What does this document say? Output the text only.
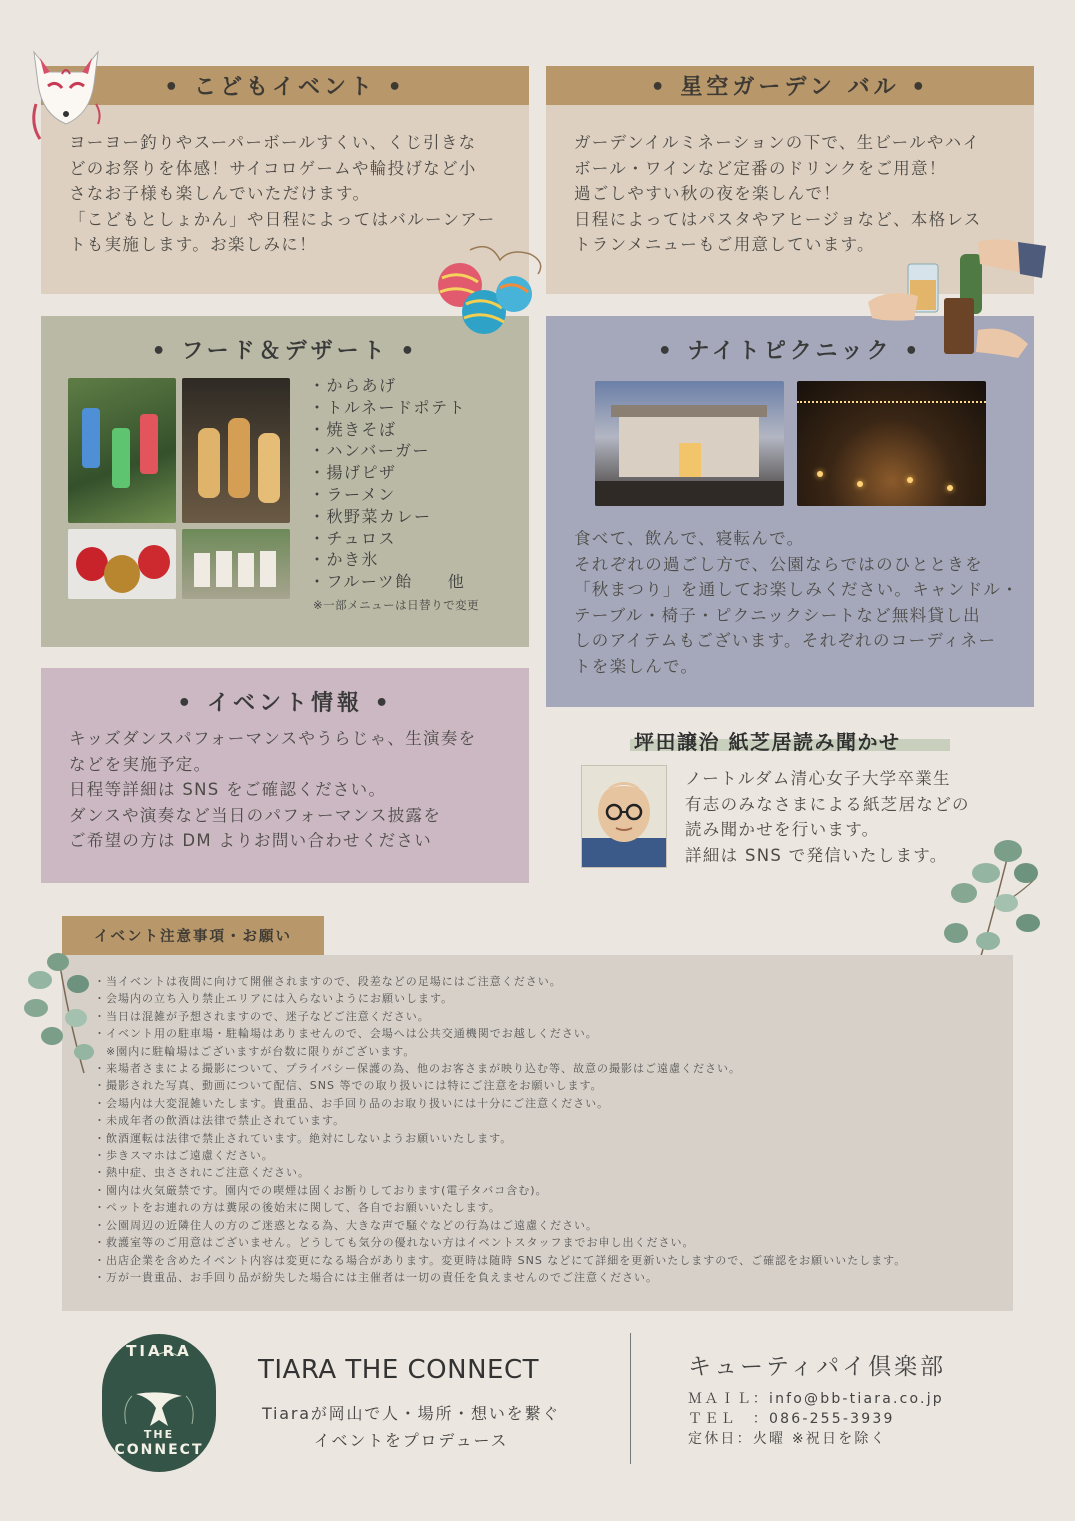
• こどもイベント •
ヨーヨー釣りやスーパーボールすくい、くじ引きな
どのお祭りを体感！サイコロゲームや輪投げなど小
さなお子様も楽しんでいただけます。
「こどもとしょかん」や日程によってはバルーンアー
トも実施します。お楽しみに！
• 星空ガーデン バル •
ガーデンイルミネーションの下で、生ビールやハイ
ボール・ワインなど定番のドリンクをご用意！
過ごしやすい秋の夜を楽しんで！
日程によってはパスタやアヒージョなど、本格レス
トランメニューもご用意しています。
• フード＆デザート •
・からあげ
・トルネードポテト
・焼きそば
・ハンバーガー
・揚げピザ
・ラーメン
・秋野菜カレー
・チュロス
・かき氷
・フルーツ飴　　他
※一部メニューは日替りで変更
• ナイトピクニック •
食べて、飲んで、寝転んで。
それぞれの過ごし方で、公園ならではのひとときを
「秋まつり」を通してお楽しみください。キャンドル・
テーブル・椅子・ピクニックシートなど無料貸し出
しのアイテムもございます。それぞれのコーディネー
トを楽しんで。
• イベント情報 •
キッズダンスパフォーマンスやうらじゃ、生演奏を
などを実施予定。
日程等詳細は SNS をご確認ください。
ダンスや演奏など当日のパフォーマンス披露を
ご希望の方は DM よりお問い合わせください
坪田譲治 紙芝居読み聞かせ
ノートルダム清心女子大学卒業生
有志のみなさまによる紙芝居などの
読み聞かせを行います。
詳細は SNS で発信いたします。
イベント注意事項・お願い
・当イベントは夜間に向けて開催されますので、段差などの足場にはご注意ください。
・会場内の立ち入り禁止エリアには入らないようにお願いします。
・当日は混雑が予想されますので、迷子などご注意ください。
・イベント用の駐車場・駐輪場はありませんので、会場へは公共交通機関でお越しください。
　※園内に駐輪場はございますが台数に限りがございます。
・来場者さまによる撮影について、プライバシー保護の為、他のお客さまが映り込む等、故意の撮影はご遠慮ください。
・撮影された写真、動画について配信、SNS 等での取り扱いには特にご注意をお願いします。
・会場内は大変混雑いたします。貴重品、お手回り品のお取り扱いには十分にご注意ください。
・未成年者の飲酒は法律で禁止されています。
・飲酒運転は法律で禁止されています。絶対にしないようお願いいたします。
・歩きスマホはご遠慮ください。
・熱中症、虫さされにご注意ください。
・園内は火気厳禁です。園内での喫煙は固くお断りしております(電子タバコ含む)。
・ペットをお連れの方は糞尿の後始末に関して、各自でお願いいたします。
・公園周辺の近隣住人の方のご迷惑となる為、大きな声で騒ぐなどの行為はご遠慮ください。
・救護室等のご用意はございません。どうしても気分の優れない方はイベントスタッフまでお申し出ください。
・出店企業を含めたイベント内容は変更になる場合があります。変更時は随時 SNS などにて詳細を更新いたしますので、ご確認をお願いいたします。
・万が一貴重品、お手回り品が紛失した場合には主催者は一切の責任を負えませんのでご注意ください。
TIARA
THE
CONNECT
TIARA THE CONNECT
Tiaraが岡山で人・場所・想いを繋ぐ
イベントをプロデュース
キューティパイ倶楽部
ＭＡＩＬ：info@bb-tiara.co.jp
ＴＥＬ　：086-255-3939
定休日：火曜 ※祝日を除く
